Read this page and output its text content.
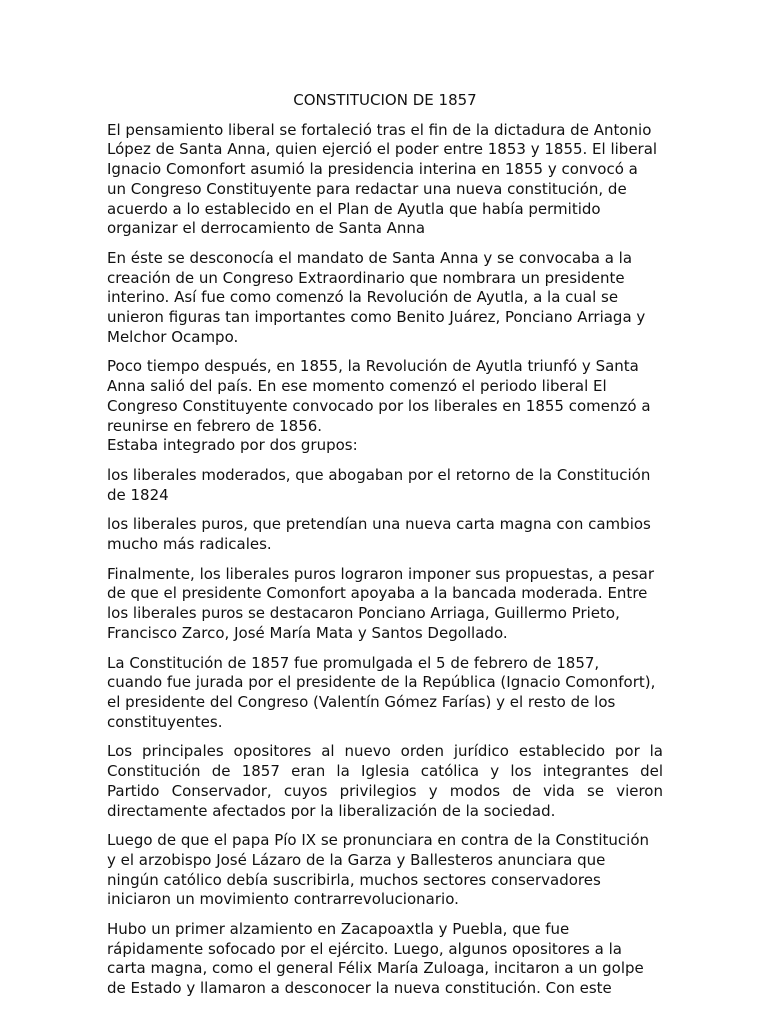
CONSTITUCION DE 1857
El pensamiento liberal se fortaleció tras el fin de la dictadura de Antonio
López de Santa Anna, quien ejerció el poder entre 1853 y 1855. El liberal
Ignacio Comonfort asumió la presidencia interina en 1855 y convocó a
un Congreso Constituyente para redactar una nueva constitución, de
acuerdo a lo establecido en el Plan de Ayutla que había permitido
organizar el derrocamiento de Santa Anna
En éste se desconocía el mandato de Santa Anna y se convocaba a la
creación de un Congreso Extraordinario que nombrara un presidente
interino. Así fue como comenzó la Revolución de Ayutla, a la cual se
unieron figuras tan importantes como Benito Juárez, Ponciano Arriaga y
Melchor Ocampo.
Poco tiempo después, en 1855, la Revolución de Ayutla triunfó y Santa
Anna salió del país. En ese momento comenzó el periodo liberal El
Congreso Constituyente convocado por los liberales en 1855 comenzó a
reunirse en febrero de 1856.
Estaba integrado por dos grupos:
los liberales moderados, que abogaban por el retorno de la Constitución
de 1824
los liberales puros, que pretendían una nueva carta magna con cambios
mucho más radicales.
Finalmente, los liberales puros lograron imponer sus propuestas, a pesar
de que el presidente Comonfort apoyaba a la bancada moderada. Entre
los liberales puros se destacaron Ponciano Arriaga, Guillermo Prieto,
Francisco Zarco, José María Mata y Santos Degollado.
La Constitución de 1857 fue promulgada el 5 de febrero de 1857,
cuando fue jurada por el presidente de la República (Ignacio Comonfort),
el presidente del Congreso (Valentín Gómez Farías) y el resto de los
constituyentes.
Los principales opositores al nuevo orden jurídico establecido por la
Constitución de 1857 eran la Iglesia católica y los integrantes del
Partido Conservador, cuyos privilegios y modos de vida se vieron
directamente afectados por la liberalización de la sociedad.
Luego de que el papa Pío IX se pronunciara en contra de la Constitución
y el arzobispo José Lázaro de la Garza y Ballesteros anunciara que
ningún católico debía suscribirla, muchos sectores conservadores
iniciaron un movimiento contrarrevolucionario.
Hubo un primer alzamiento en Zacapoaxtla y Puebla, que fue
rápidamente sofocado por el ejército. Luego, algunos opositores a la
carta magna, como el general Félix María Zuloaga, incitaron a un golpe
de Estado y llamaron a desconocer la nueva constitución. Con este
